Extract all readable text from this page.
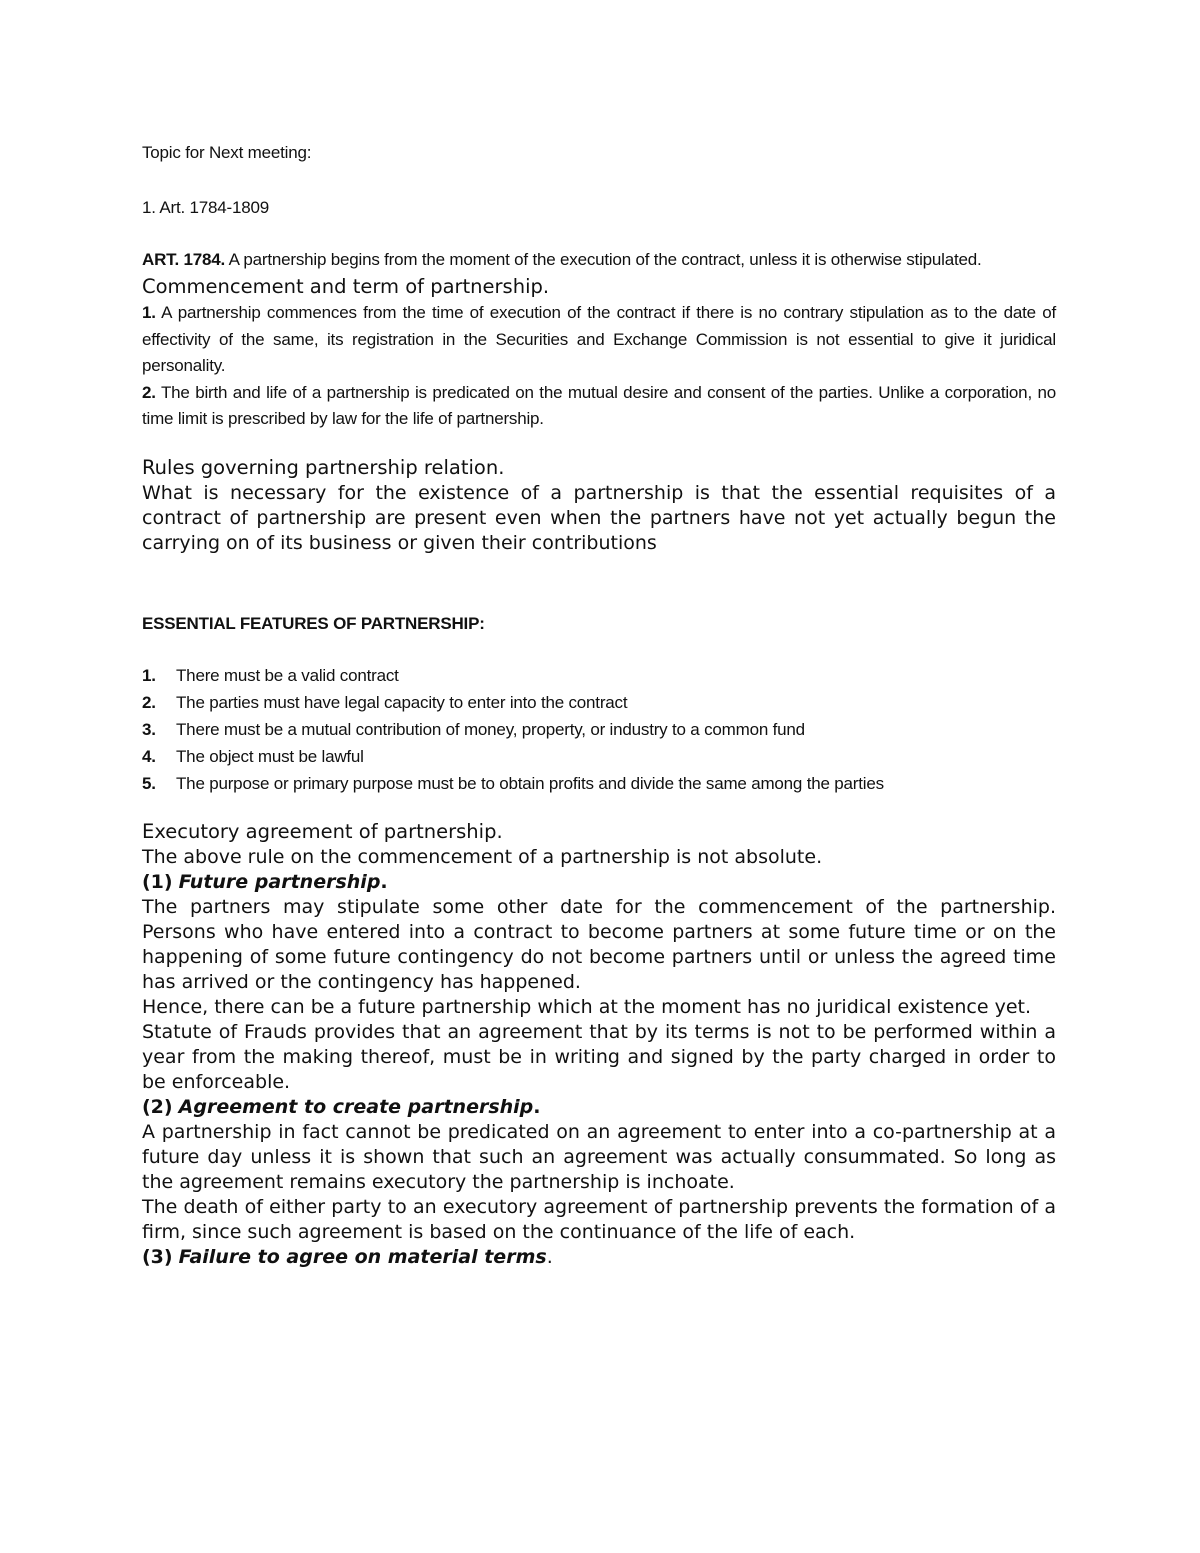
Topic for Next meeting:

1. Art. 1784-1809

ART. 1784. A partnership begins from the moment of the execution of the contract, unless it is otherwise stipulated.

Commencement and term of partnership.

1. A partnership commences from the time of execution of the contract if there is no contrary stipulation as to the date of effectivity of the same, its registration in the Securities and Exchange Commission is not essential to give it juridical personality.

2. The birth and life of a partnership is predicated on the mutual desire and consent of the parties. Unlike a corporation, no time limit is prescribed by law for the life of partnership.

Rules governing partnership relation.

What is necessary for the existence of a partnership is that the essential requisites of a contract of partnership are present even when the partners have not yet actually begun the carrying on of its business or given their contributions

ESSENTIAL FEATURES OF PARTNERSHIP:

1.	There must be a valid contract
2.	The parties must have legal capacity to enter into the contract
3.	There must be a mutual contribution of money, property, or industry to a common fund
4.	The object must be lawful
5.	The purpose or primary purpose must be to obtain profits and divide the same among the parties

Executory agreement of partnership.

The above rule on the commencement of a partnership is not absolute.

(1) Future partnership.

The partners may stipulate some other date for the commencement of the partnership. Persons who have entered into a contract to become partners at some future time or on the happening of some future contingency do not become partners until or unless the agreed time has arrived or the contingency has happened.

Hence, there can be a future partnership which at the moment has no juridical existence yet.

Statute of Frauds provides that an agreement that by its terms is not to be performed within a year from the making thereof, must be in writing and signed by the party charged in order to be enforceable.

(2) Agreement to create partnership.

A partnership in fact cannot be predicated on an agreement to enter into a co-partnership at a future day unless it is shown that such an agreement was actually consummated. So long as the agreement remains executory the partnership is inchoate.

The death of either party to an executory agreement of partnership prevents the formation of a firm, since such agreement is based on the continuance of the life of each.

(3) Failure to agree on material terms.
